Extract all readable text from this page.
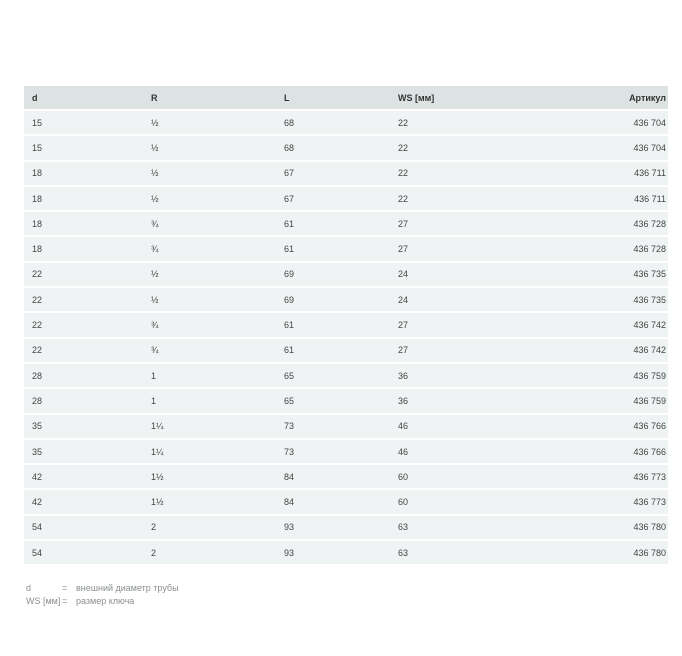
d	R	L	WS [мм]	Артикул
15	½	68	22	436 704
15	½	68	22	436 704
18	½	67	22	436 711
18	½	67	22	436 711
18	¾	61	27	436 728
18	¾	61	27	436 728
22	½	69	24	436 735
22	½	69	24	436 735
22	¾	61	27	436 742
22	¾	61	27	436 742
28	1	65	36	436 759
28	1	65	36	436 759
35	1¼	73	46	436 766
35	1¼	73	46	436 766
42	1½	84	60	436 773
42	1½	84	60	436 773
54	2	93	63	436 780
54	2	93	63	436 780
d	= внешний диаметр трубы
WS [мм] = размер ключа
